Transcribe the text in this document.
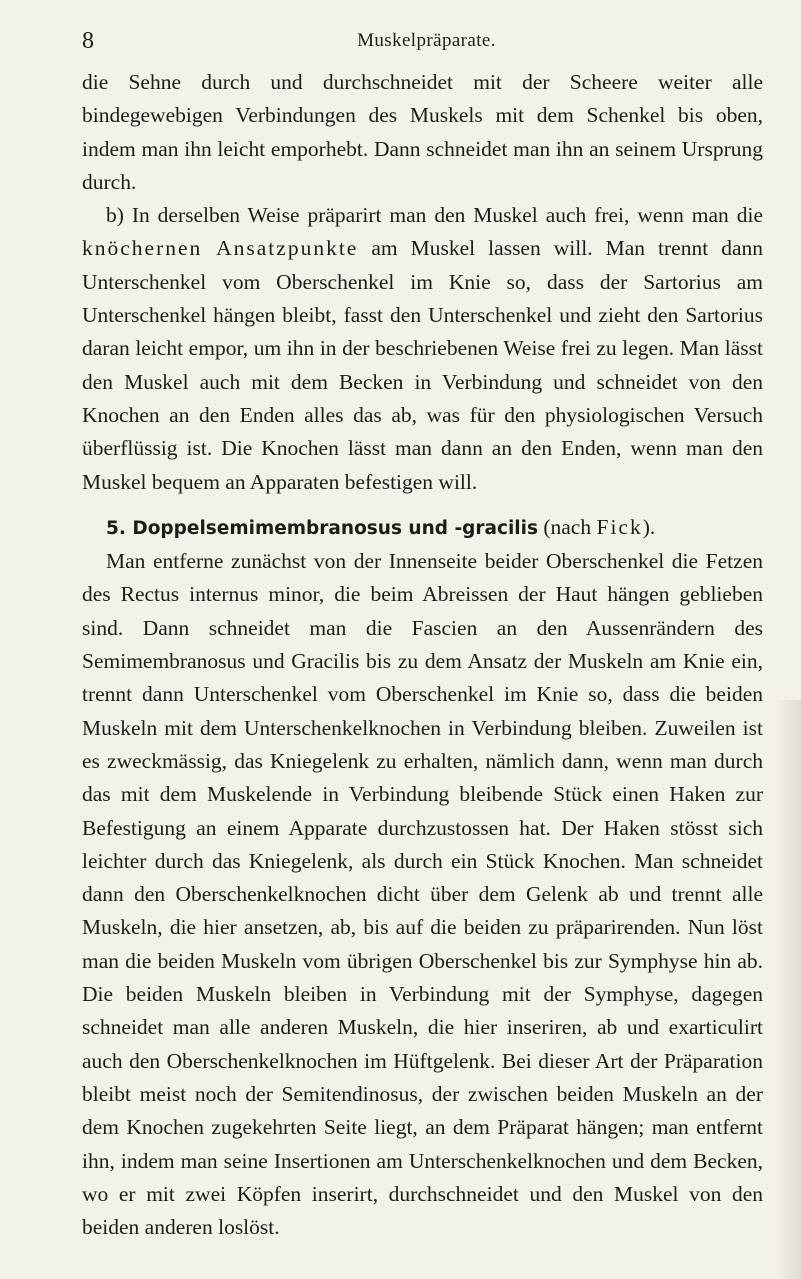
8	Muskelpräparate.

die Sehne durch und durchschneidet mit der Scheere weiter alle bindegewebigen Verbindungen des Muskels mit dem Schenkel bis oben, indem man ihn leicht emporhebt. Dann schneidet man ihn an seinem Ursprung durch.

b) In derselben Weise präparirt man den Muskel auch frei, wenn man die knöchernen Ansatzpunkte am Muskel lassen will. Man trennt dann Unterschenkel vom Oberschenkel im Knie so, dass der Sartorius am Unterschenkel hängen bleibt, fasst den Unterschenkel und zieht den Sartorius daran leicht empor, um ihn in der beschriebenen Weise frei zu legen. Man lässt den Muskel auch mit dem Becken in Verbindung und schneidet von den Knochen an den Enden alles das ab, was für den physiologischen Versuch überflüssig ist. Die Knochen lässt man dann an den Enden, wenn man den Muskel bequem an Apparaten befestigen will.

5. Doppelsemimembranosus und -gracilis (nach Fick).

Man entferne zunächst von der Innenseite beider Oberschenkel die Fetzen des Rectus internus minor, die beim Abreissen der Haut hängen geblieben sind. Dann schneidet man die Fascien an den Aussenrändern des Semimembranosus und Gracilis bis zu dem Ansatz der Muskeln am Knie ein, trennt dann Unterschenkel vom Oberschenkel im Knie so, dass die beiden Muskeln mit dem Unterschenkelknochen in Verbindung bleiben. Zuweilen ist es zweckmässig, das Kniegelenk zu erhalten, nämlich dann, wenn man durch das mit dem Muskelende in Verbindung bleibende Stück einen Haken zur Befestigung an einem Apparate durchzustossen hat. Der Haken stösst sich leichter durch das Kniegelenk, als durch ein Stück Knochen. Man schneidet dann den Oberschenkelknochen dicht über dem Gelenk ab und trennt alle Muskeln, die hier ansetzen, ab, bis auf die beiden zu präparirenden. Nun löst man die beiden Muskeln vom übrigen Oberschenkel bis zur Symphyse hin ab. Die beiden Muskeln bleiben in Verbindung mit der Symphyse, dagegen schneidet man alle anderen Muskeln, die hier inseriren, ab und exarticulirt auch den Oberschenkelknochen im Hüftgelenk. Bei dieser Art der Präparation bleibt meist noch der Semitendinosus, der zwischen beiden Muskeln an der dem Knochen zugekehrten Seite liegt, an dem Präparat hängen; man entfernt ihn, indem man seine Insertionen am Unterschenkelknochen und dem Becken, wo er mit zwei Köpfen inserirt, durchschneidet und den Muskel von den beiden anderen loslöst.
